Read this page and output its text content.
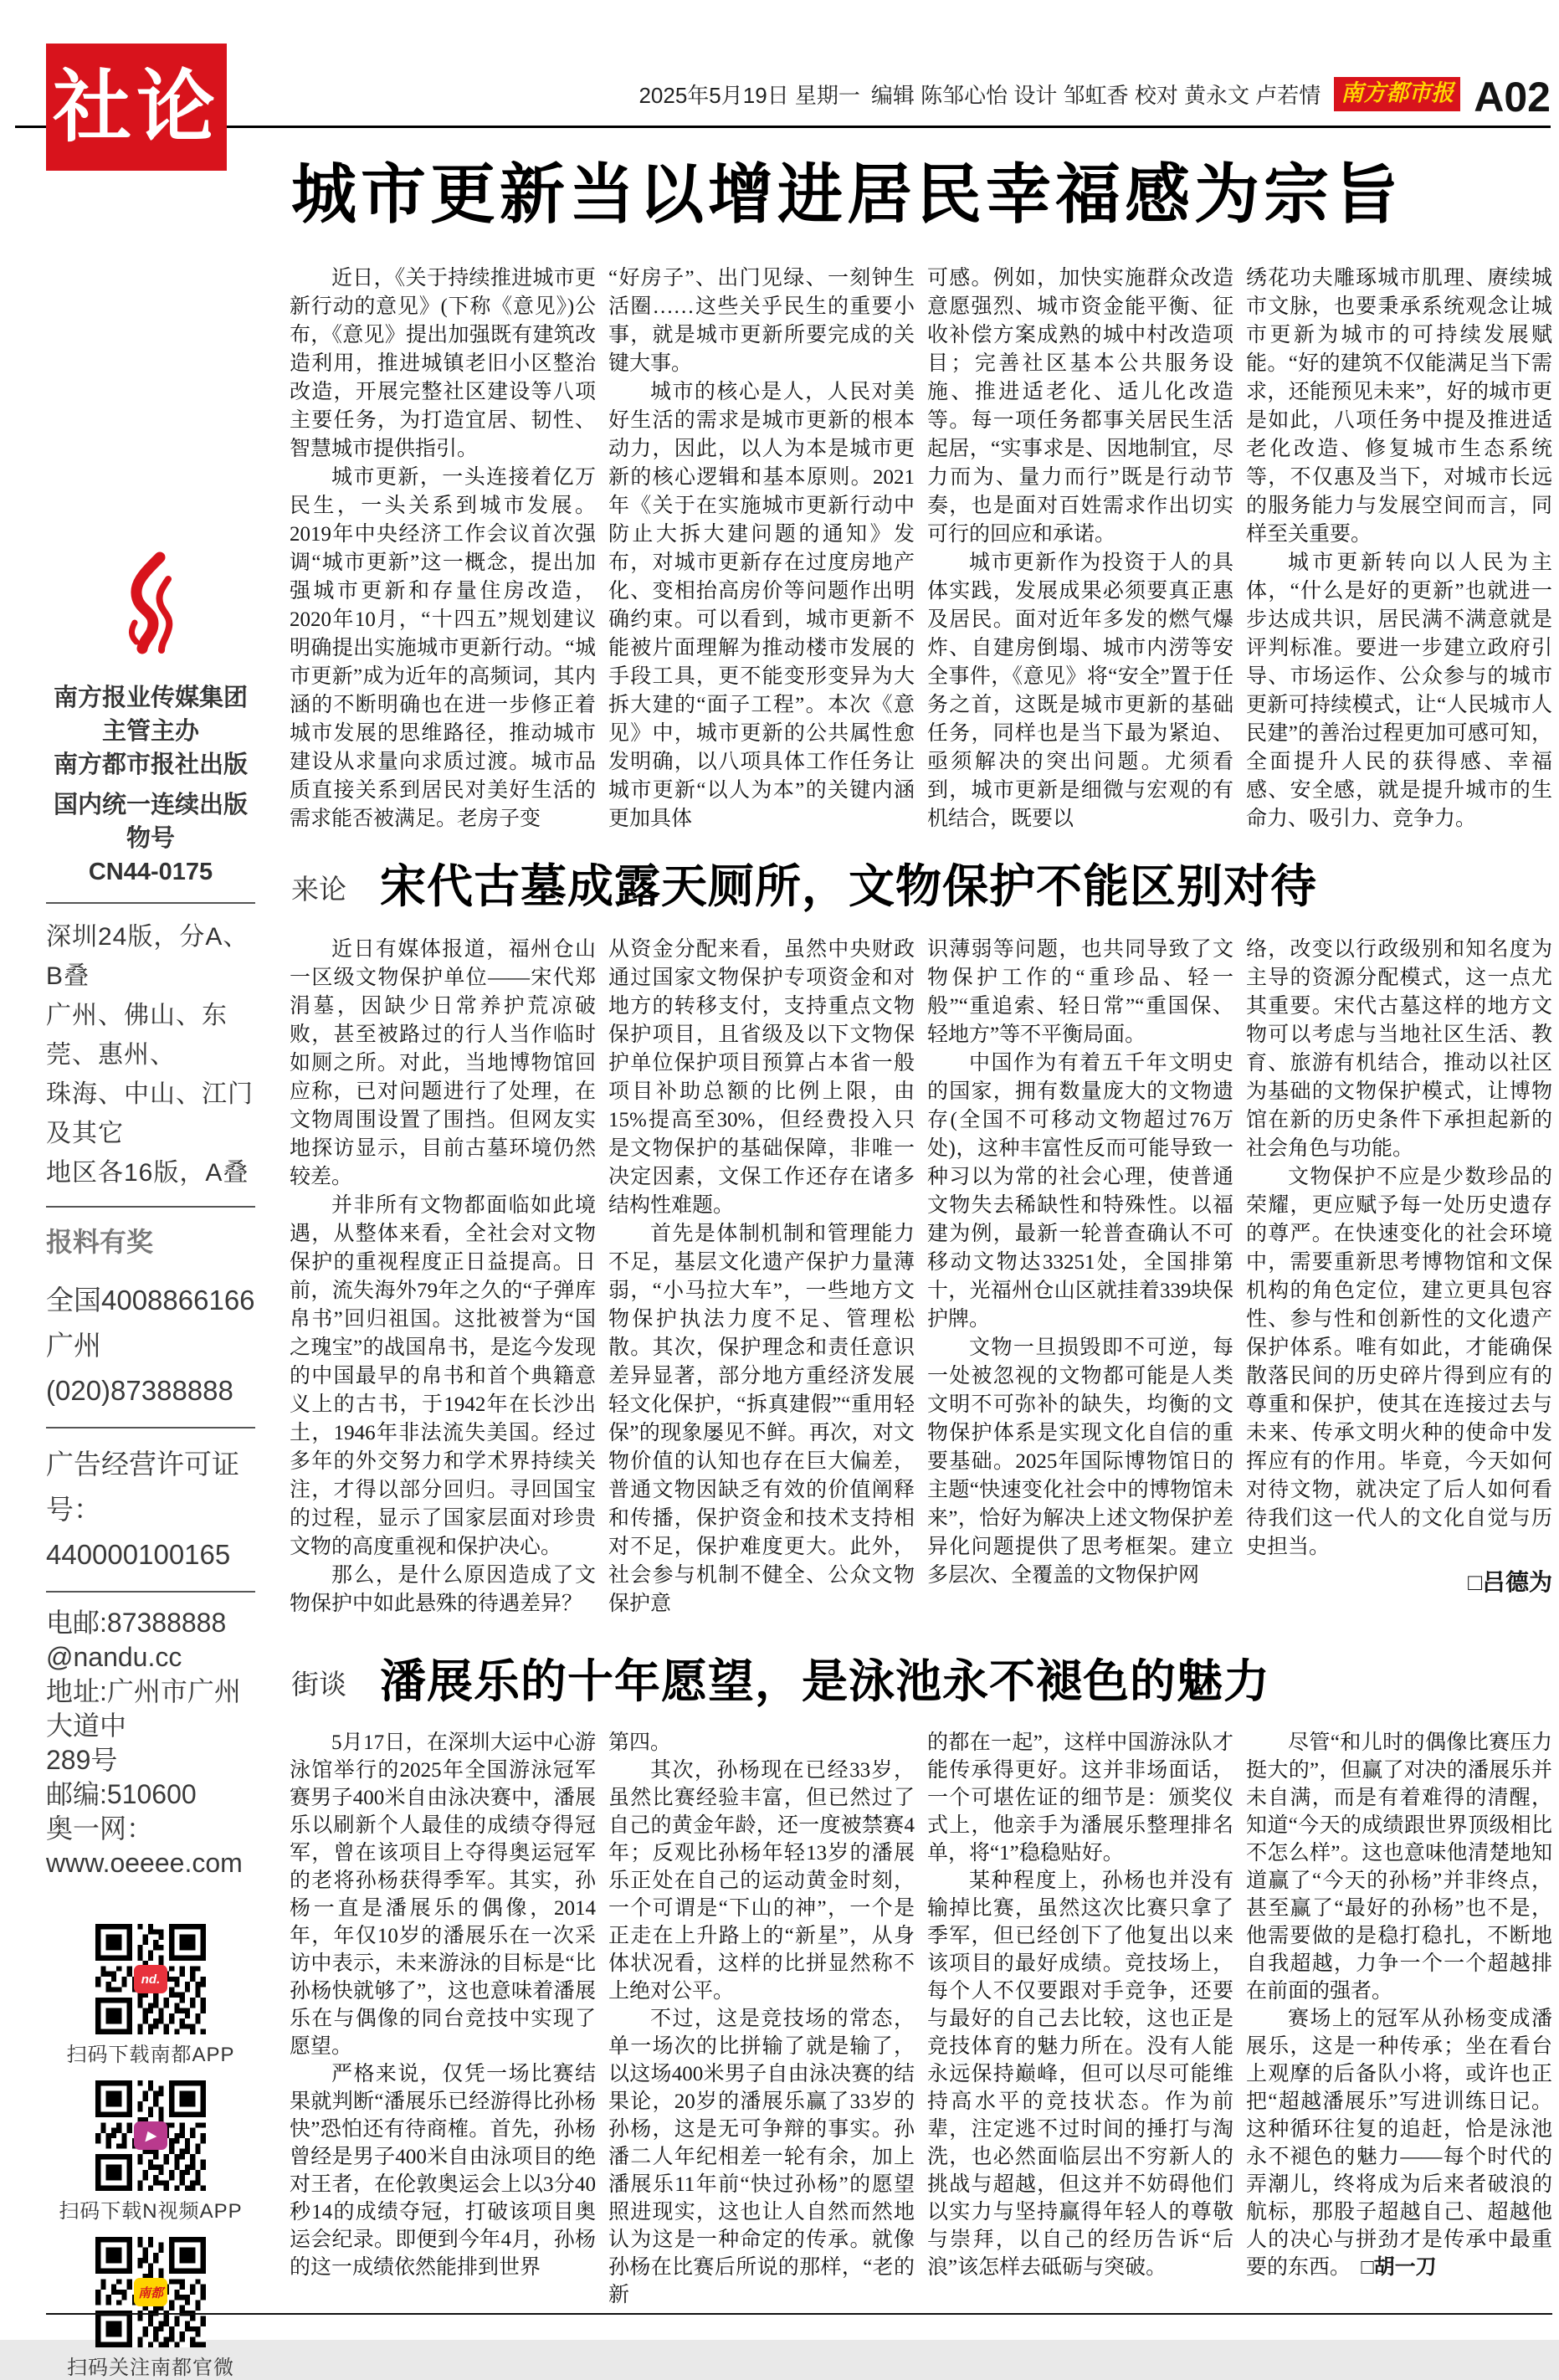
社论	2025年5月19日 星期一 编辑 陈邹心怡 设计 邹虹香 校对 黄永文 卢若情 南方都市报 A02
南方报业传媒集团
主管主办
南方都市报社出版
国内统一连续出版物号
CN44-0175
深圳24版，分A、B叠
广州、佛山、东莞、惠州、
珠海、中山、江门及其它
地区各16版，A叠
报料有奖
全国4008866166
广州(020)87388888
广告经营许可证号：
440000100165
电邮:87388888
@nandu.cc
地址:广州市广州大道中
289号
邮编:510600
奥一网：
www.oeeee.com
nd.
扫码下载南都APP
▶
扫码下载N视频APP
南都
扫码关注南都官微
城市更新当以增进居民幸福感为宗旨

近日，《关于持续推进城市更新行动的意见》(下称《意见》)公布，《意见》提出加强既有建筑改造利用，推进城镇老旧小区整治改造，开展完整社区建设等八项主要任务，为打造宜居、韧性、智慧城市提供指引。

城市更新，一头连接着亿万民生，一头关系到城市发展。2019年中央经济工作会议首次强调“城市更新”这一概念，提出加强城市更新和存量住房改造，2020年10月，“十四五”规划建议明确提出实施城市更新行动。“城市更新”成为近年的高频词，其内涵的不断明确也在进一步修正着城市发展的思维路径，推动城市建设从求量向求质过渡。城市品质直接关系到居民对美好生活的需求能否被满足。老房子变

“好房子”、出门见绿、一刻钟生活圈……这些关乎民生的重要小事，就是城市更新所要完成的关键大事。

城市的核心是人，人民对美好生活的需求是城市更新的根本动力，因此，以人为本是城市更新的核心逻辑和基本原则。2021年《关于在实施城市更新行动中防止大拆大建问题的通知》发布，对城市更新存在过度房地产化、变相抬高房价等问题作出明确约束。可以看到，城市更新不能被片面理解为推动楼市发展的手段工具，更不能变形变异为大拆大建的“面子工程”。本次《意见》中，城市更新的公共属性愈发明确，以八项具体工作任务让城市更新“以人为本”的关键内涵更加具体

可感。例如，加快实施群众改造意愿强烈、城市资金能平衡、征收补偿方案成熟的城中村改造项目；完善社区基本公共服务设施、推进适老化、适儿化改造等。每一项任务都事关居民生活起居，“实事求是、因地制宜，尽力而为、量力而行”既是行动节奏，也是面对百姓需求作出切实可行的回应和承诺。

城市更新作为投资于人的具体实践，发展成果必须要真正惠及居民。面对近年多发的燃气爆炸、自建房倒塌、城市内涝等安全事件，《意见》将“安全”置于任务之首，这既是城市更新的基础任务，同样也是当下最为紧迫、亟须解决的突出问题。尤须看到，城市更新是细微与宏观的有机结合，既要以

绣花功夫雕琢城市肌理、赓续城市文脉，也要秉承系统观念让城市更新为城市的可持续发展赋能。“好的建筑不仅能满足当下需求，还能预见未来”，好的城市更是如此，八项任务中提及推进适老化改造、修复城市生态系统等，不仅惠及当下，对城市长远的服务能力与发展空间而言，同样至关重要。

城市更新转向以人民为主体，“什么是好的更新”也就进一步达成共识，居民满不满意就是评判标准。要进一步建立政府引导、市场运作、公众参与的城市更新可持续模式，让“人民城市人民建”的善治过程更加可感可知，全面提升人民的获得感、幸福感、安全感，就是提升城市的生命力、吸引力、竞争力。

来论 宋代古墓成露天厕所，文物保护不能区别对待

近日有媒体报道，福州仓山一区级文物保护单位——宋代郑涓墓，因缺少日常养护荒凉破败，甚至被路过的行人当作临时如厕之所。对此，当地博物馆回应称，已对问题进行了处理，在文物周围设置了围挡。但网友实地探访显示，目前古墓环境仍然较差。

并非所有文物都面临如此境遇，从整体来看，全社会对文物保护的重视程度正日益提高。日前，流失海外79年之久的“子弹库帛书”回归祖国。这批被誉为“国之瑰宝”的战国帛书，是迄今发现的中国最早的帛书和首个典籍意义上的古书，于1942年在长沙出土，1946年非法流失美国。经过多年的外交努力和学术界持续关注，才得以部分回归。寻回国宝的过程，显示了国家层面对珍贵文物的高度重视和保护决心。

那么，是什么原因造成了文物保护中如此悬殊的待遇差异？

从资金分配来看，虽然中央财政通过国家文物保护专项资金和对地方的转移支付，支持重点文物保护项目，且省级及以下文物保护单位保护项目预算占本省一般项目补助总额的比例上限，由15%提高至30%，但经费投入只是文物保护的基础保障，非唯一决定因素，文保工作还存在诸多结构性难题。

首先是体制机制和管理能力不足，基层文化遗产保护力量薄弱，“小马拉大车”，一些地方文物保护执法力度不足、管理松散。其次，保护理念和责任意识差异显著，部分地方重经济发展轻文化保护，“拆真建假”“重用轻保”的现象屡见不鲜。再次，对文物价值的认知也存在巨大偏差，普通文物因缺乏有效的价值阐释和传播，保护资金和技术支持相对不足，保护难度更大。此外，社会参与机制不健全、公众文物保护意

识薄弱等问题，也共同导致了文物保护工作的“重珍品、轻一般”“重追索、轻日常”“重国保、轻地方”等不平衡局面。

中国作为有着五千年文明史的国家，拥有数量庞大的文物遗存(全国不可移动文物超过76万处)，这种丰富性反而可能导致一种习以为常的社会心理，使普通文物失去稀缺性和特殊性。以福建为例，最新一轮普查确认不可移动文物达33251处，全国排第十，光福州仓山区就挂着339块保护牌。

文物一旦损毁即不可逆，每一处被忽视的文物都可能是人类文明不可弥补的缺失，均衡的文物保护体系是实现文化自信的重要基础。2025年国际博物馆日的主题“快速变化社会中的博物馆未来”，恰好为解决上述文物保护差异化问题提供了思考框架。建立多层次、全覆盖的文物保护网

络，改变以行政级别和知名度为主导的资源分配模式，这一点尤其重要。宋代古墓这样的地方文物可以考虑与当地社区生活、教育、旅游有机结合，推动以社区为基础的文物保护模式，让博物馆在新的历史条件下承担起新的社会角色与功能。

文物保护不应是少数珍品的荣耀，更应赋予每一处历史遗存的尊严。在快速变化的社会环境中，需要重新思考博物馆和文保机构的角色定位，建立更具包容性、参与性和创新性的文化遗产保护体系。唯有如此，才能确保散落民间的历史碎片得到应有的尊重和保护，使其在连接过去与未来、传承文明火种的使命中发挥应有的作用。毕竟，今天如何对待文物，就决定了后人如何看待我们这一代人的文化自觉与历史担当。

□吕德为
街谈 潘展乐的十年愿望，是泳池永不褪色的魅力

5月17日，在深圳大运中心游泳馆举行的2025年全国游泳冠军赛男子400米自由泳决赛中，潘展乐以刷新个人最佳的成绩夺得冠军，曾在该项目上夺得奥运冠军的老将孙杨获得季军。其实，孙杨一直是潘展乐的偶像，2014年，年仅10岁的潘展乐在一次采访中表示，未来游泳的目标是“比孙杨快就够了”，这也意味着潘展乐在与偶像的同台竞技中实现了愿望。

严格来说，仅凭一场比赛结果就判断“潘展乐已经游得比孙杨快”恐怕还有待商榷。首先，孙杨曾经是男子400米自由泳项目的绝对王者，在伦敦奥运会上以3分40秒14的成绩夺冠，打破该项目奥运会纪录。即便到今年4月，孙杨的这一成绩依然能排到世界

第四。

其次，孙杨现在已经33岁，虽然比赛经验丰富，但已然过了自己的黄金年龄，还一度被禁赛4年；反观比孙杨年轻13岁的潘展乐正处在自己的运动黄金时刻，一个可谓是“下山的神”，一个是正走在上升路上的“新星”，从身体状况看，这样的比拼显然称不上绝对公平。

不过，这是竞技场的常态，单一场次的比拼输了就是输了，以这场400米男子自由泳决赛的结果论，20岁的潘展乐赢了33岁的孙杨，这是无可争辩的事实。孙潘二人年纪相差一轮有余，加上潘展乐11年前“快过孙杨”的愿望照进现实，这也让人自然而然地认为这是一种命定的传承。就像孙杨在比赛后所说的那样，“老的新

的都在一起”，这样中国游泳队才能传承得更好。这并非场面话，一个可堪佐证的细节是：颁奖仪式上，他亲手为潘展乐整理排名单，将“1”稳稳贴好。

某种程度上，孙杨也并没有输掉比赛，虽然这次比赛只拿了季军，但已经创下了他复出以来该项目的最好成绩。竞技场上，每个人不仅要跟对手竞争，还要与最好的自己去比较，这也正是竞技体育的魅力所在。没有人能永远保持巅峰，但可以尽可能维持高水平的竞技状态。作为前辈，注定逃不过时间的捶打与淘洗，也必然面临层出不穷新人的挑战与超越，但这并不妨碍他们以实力与坚持赢得年轻人的尊敬与崇拜，以自己的经历告诉“后浪”该怎样去砥砺与突破。

尽管“和儿时的偶像比赛压力挺大的”，但赢了对决的潘展乐并未自满，而是有着难得的清醒，知道“今天的成绩跟世界顶级相比不怎么样”。这也意味他清楚地知道赢了“今天的孙杨”并非终点，甚至赢了“最好的孙杨”也不是，他需要做的是稳打稳扎，不断地自我超越，力争一个一个超越排在前面的强者。

赛场上的冠军从孙杨变成潘展乐，这是一种传承；坐在看台上观摩的后备队小将，或许也正把“超越潘展乐”写进训练日记。这种循环往复的追赶，恰是泳池永不褪色的魅力——每个时代的弄潮儿，终将成为后来者破浪的航标，那股子超越自己、超越他人的决心与拼劲才是传承中最重要的东西。 □胡一刀
